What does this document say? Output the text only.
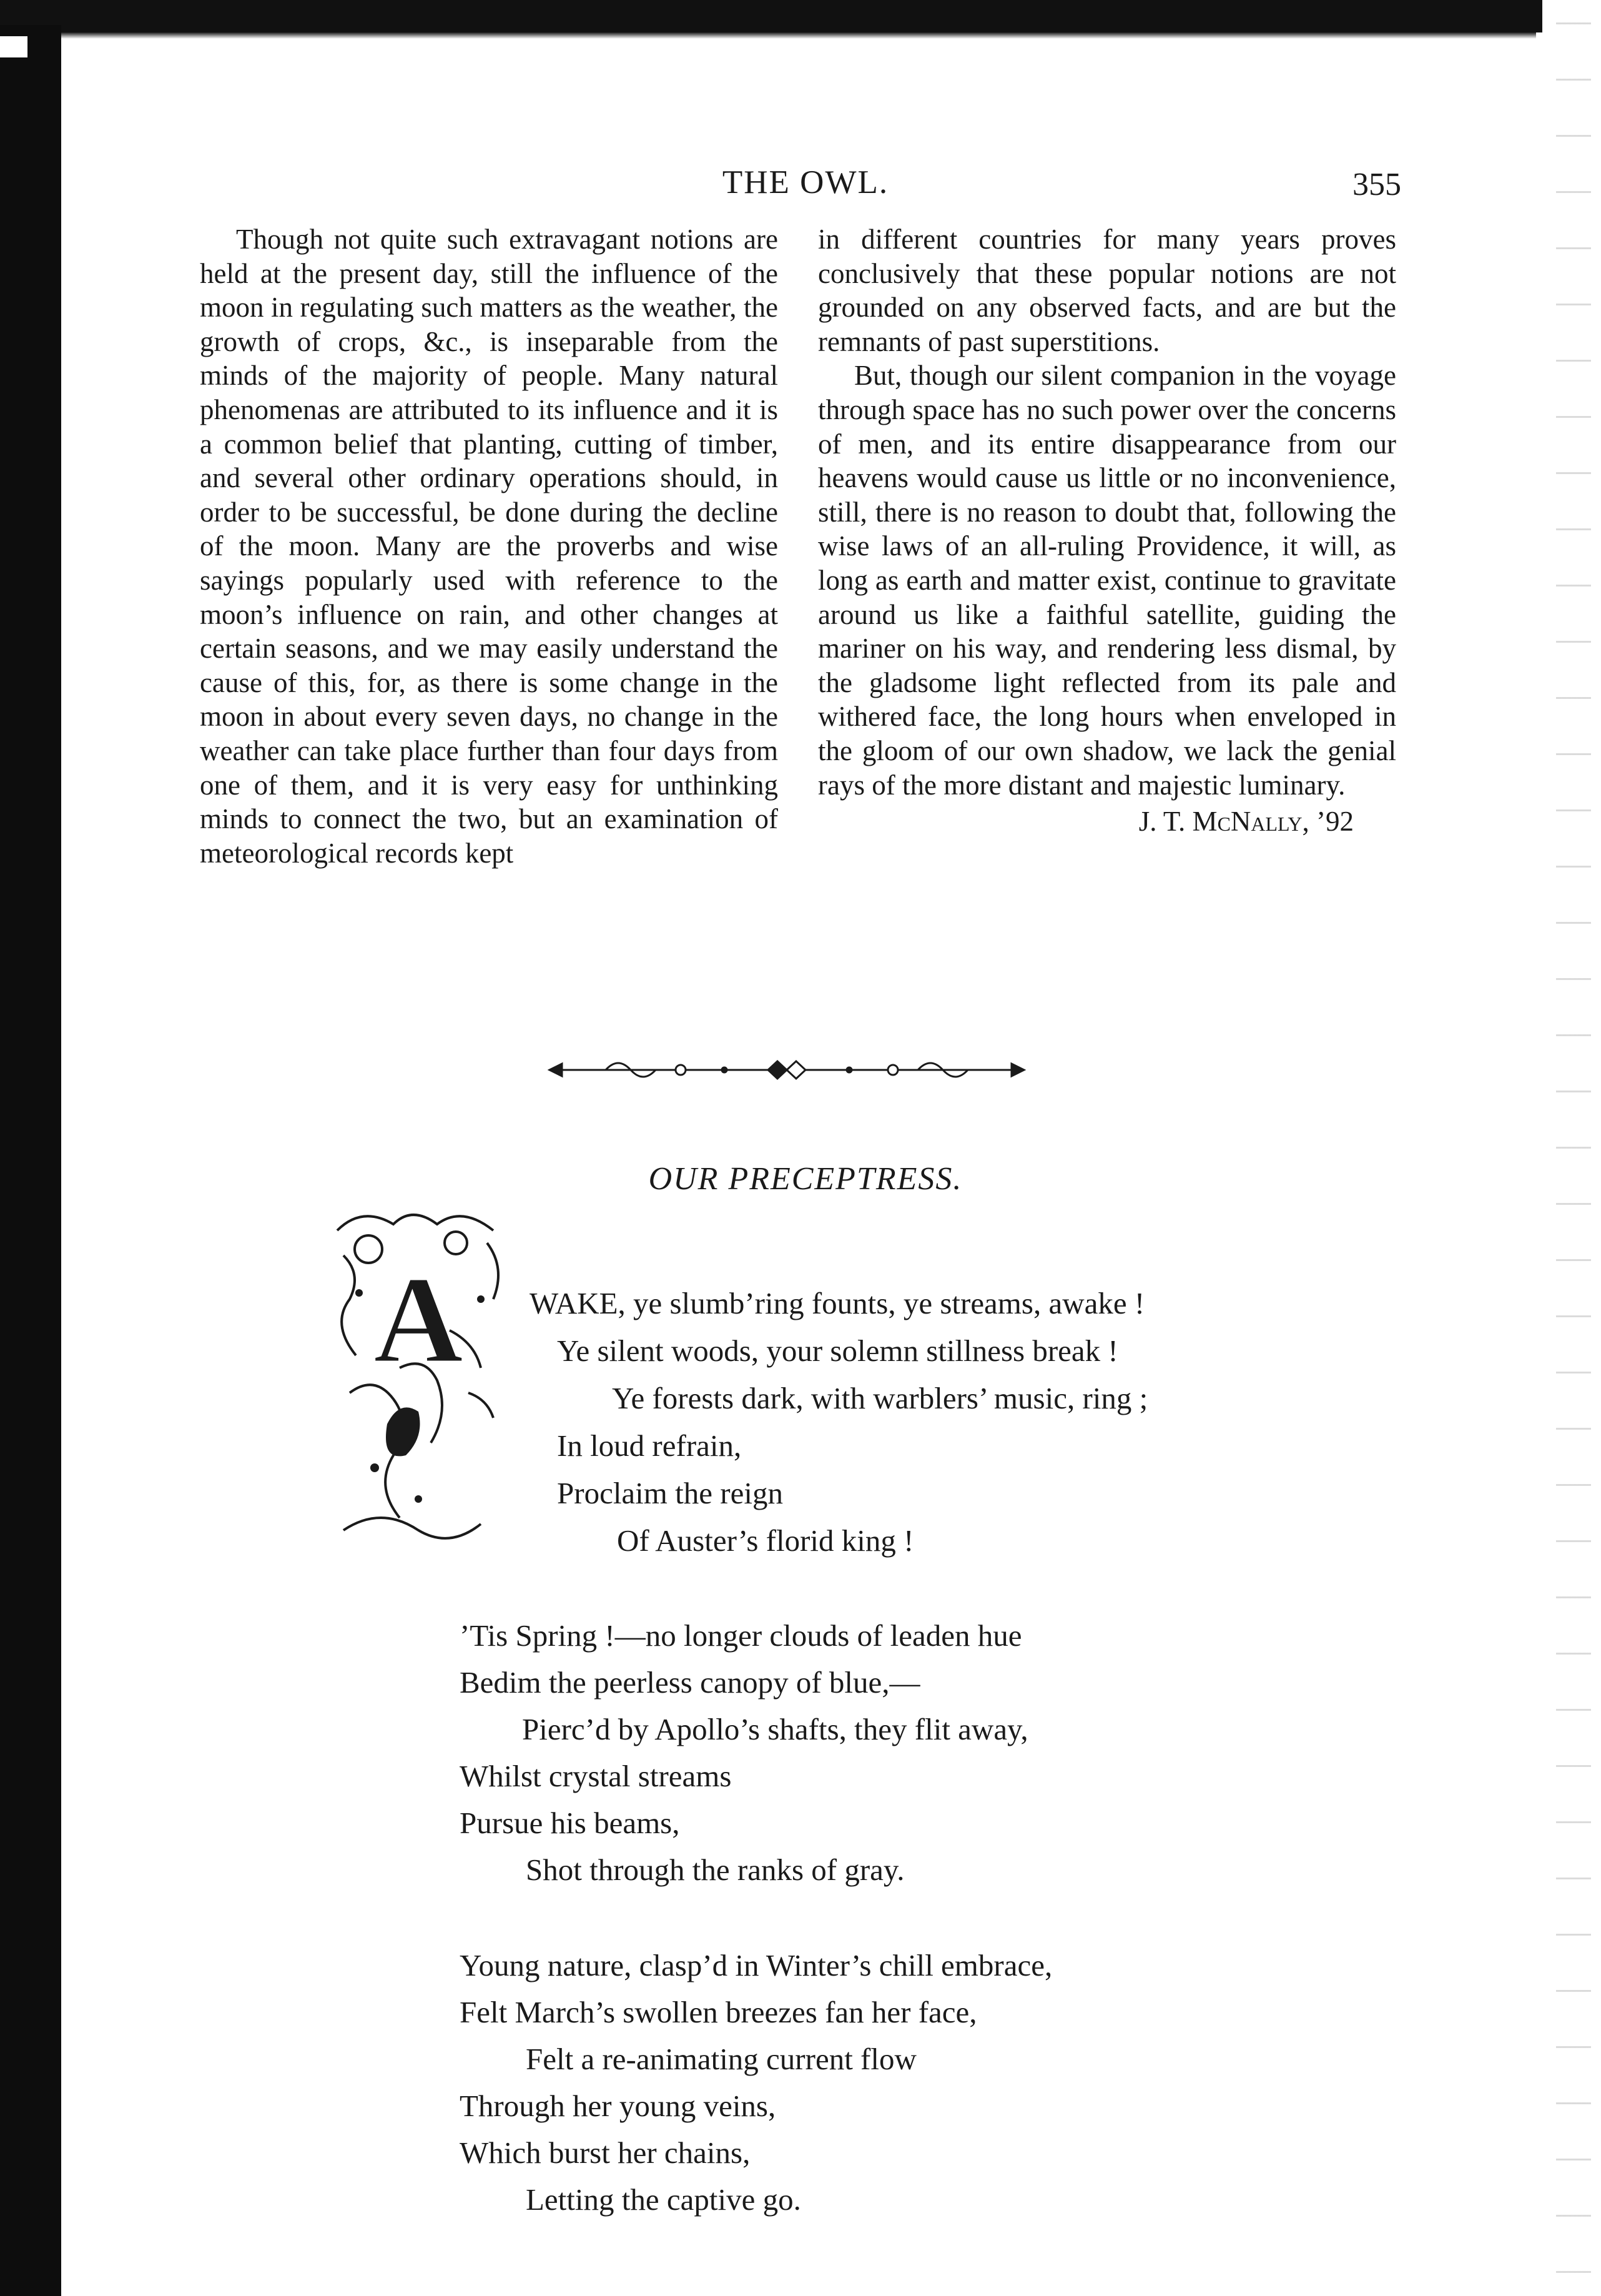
THE OWL.	355

Though not quite such extravagant notions are held at the present day, still the influence of the moon in regulating such matters as the weather, the growth of crops, &c., is inseparable from the minds of the majority of people. Many natural phenomenas are attributed to its influence and it is a common belief that planting, cutting of timber, and several other ordinary operations should, in order to be successful, be done during the decline of the moon. Many are the proverbs and wise sayings popularly used with reference to the moon’s influence on rain, and other changes at certain seasons, and we may easily understand the cause of this, for, as there is some change in the moon in about every seven days, no change in the weather can take place further than four days from one of them, and it is very easy for unthinking minds to connect the two, but an examination of meteorological records kept

in different countries for many years proves conclusively that these popular notions are not grounded on any observed facts, and are but the remnants of past superstitions.

But, though our silent companion in the voyage through space has no such power over the concerns of men, and its entire disappearance from our heavens would cause us little or no inconvenience, still, there is no reason to doubt that, following the wise laws of an all-ruling Providence, it will, as long as earth and matter exist, continue to gravitate around us like a faithful satellite, guiding the mariner on his way, and rendering less dismal, by the gladsome light reflected from its pale and withered face, the long hours when enveloped in the gloom of our own shadow, we lack the genial rays of the more distant and majestic luminary.

J. T. McNally, ’92
OUR PRECEPTRESS.
A WAKE, ye slumb’ring founts, ye streams, awake !
Ye silent woods, your solemn stillness break !
Ye forests dark, with warblers’ music, ring ;
In loud refrain,
Proclaim the reign
Of Auster’s florid king !
’Tis Spring !—no longer clouds of leaden hue
Bedim the peerless canopy of blue,—
Pierc’d by Apollo’s shafts, they flit away,
Whilst crystal streams
Pursue his beams,
Shot through the ranks of gray.
Young nature, clasp’d in Winter’s chill embrace,
Felt March’s swollen breezes fan her face,
Felt a re-animating current flow
Through her young veins,
Which burst her chains,
Letting the captive go.
